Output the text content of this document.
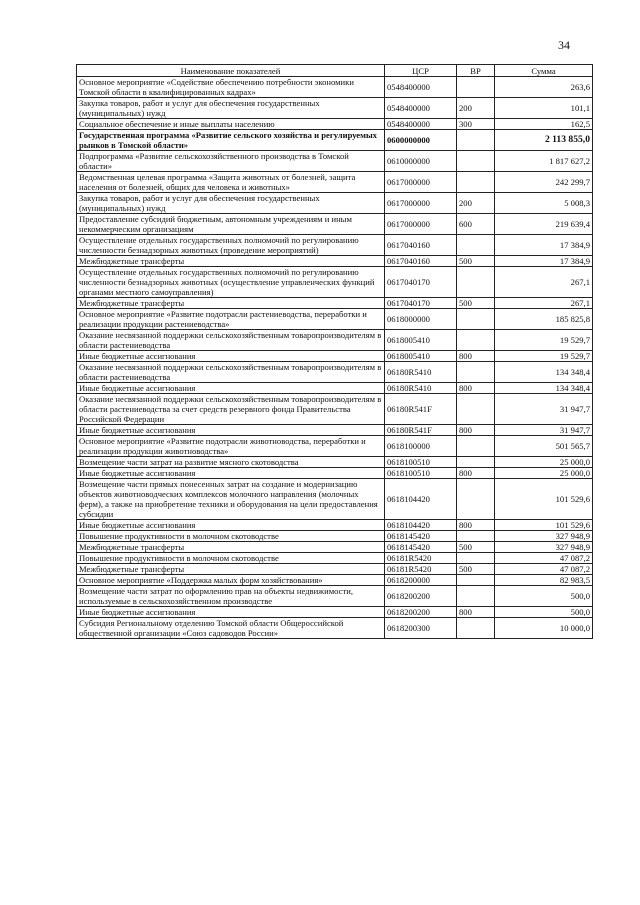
34
Наименование показателей	ЦСР	ВР	Сумма
Основное мероприятие «Содействие обеспечению потребности экономики Томской области в квалифицированных кадрах»	0548400000		263,6
Закупка товаров, работ и услуг для обеспечения государственных (муниципальных) нужд	0548400000	200	101,1
Социальное обеспечение и иные выплаты населению	0548400000	300	162,5
Государственная программа «Развитие сельского хозяйства и регулируемых рынков в Томской области»	0600000000		2 113 855,0
Подпрограмма «Развитие сельскохозяйственного производства в Томской области»	0610000000		1 817 627,2
Ведомственная целевая программа «Защита животных от болезней, защита населения от болезней, общих для человека и животных»	0617000000		242 299,7
Закупка товаров, работ и услуг для обеспечения государственных (муниципальных) нужд	0617000000	200	5 008,3
Предоставление субсидий бюджетным, автономным учреждениям и иным некоммерческим организациям	0617000000	600	219 639,4
Осуществление отдельных государственных полномочий по регулированию численности безнадзорных животных (проведение мероприятий)	0617040160		17 384,9
Межбюджетные трансферты	0617040160	500	17 384,9
Осуществление отдельных государственных полномочий по регулированию численности безнадзорных животных (осуществление управленческих функций органами местного самоуправления)	0617040170		267,1
Межбюджетные трансферты	0617040170	500	267,1
Основное мероприятие «Развитие подотрасли растениеводства, переработки и реализации продукции растениеводства»	0618000000		185 825,8
Оказание несвязанной поддержки сельскохозяйственным товаропроизводителям в области растениеводства	0618005410		19 529,7
Иные бюджетные ассигнования	0618005410	800	19 529,7
Оказание несвязанной поддержки сельскохозяйственным товаропроизводителям в области растениеводства	06180R5410		134 348,4
Иные бюджетные ассигнования	06180R5410	800	134 348,4
Оказание несвязанной поддержки сельскохозяйственным товаропроизводителям в области растениеводства за счет средств резервного фонда Правительства Российской Федерации	06180R541F		31 947,7
Иные бюджетные ассигнования	06180R541F	800	31 947,7
Основное мероприятие «Развитие подотрасли животноводства, переработки и реализации продукции животноводства»	0618100000		501 565,7
Возмещение части затрат на развитие мясного скотоводства	0618100510		25 000,0
Иные бюджетные ассигнования	0618100510	800	25 000,0
Возмещение части прямых понесенных затрат на создание и модернизацию объектов животноводческих комплексов молочного направления (молочных ферм), а также на приобретение техники и оборудования на цели предоставления субсидии	0618104420		101 529,6
Иные бюджетные ассигнования	0618104420	800	101 529,6
Повышение продуктивности в молочном скотоводстве	0618145420		327 948,9
Межбюджетные трансферты	0618145420	500	327 948,9
Повышение продуктивности в молочном скотоводстве	06181R5420		47 087,2
Межбюджетные трансферты	06181R5420	500	47 087,2
Основное мероприятие «Поддержка малых форм хозяйствования»	0618200000		82 983,5
Возмещение части затрат по оформлению прав на объекты недвижимости, используемые в сельскохозяйственном производстве	0618200200		500,0
Иные бюджетные ассигнования	0618200200	800	500,0
Субсидия Региональному отделению Томской области Общероссийской общественной организации «Союз садоводов России»	0618200300		10 000,0
